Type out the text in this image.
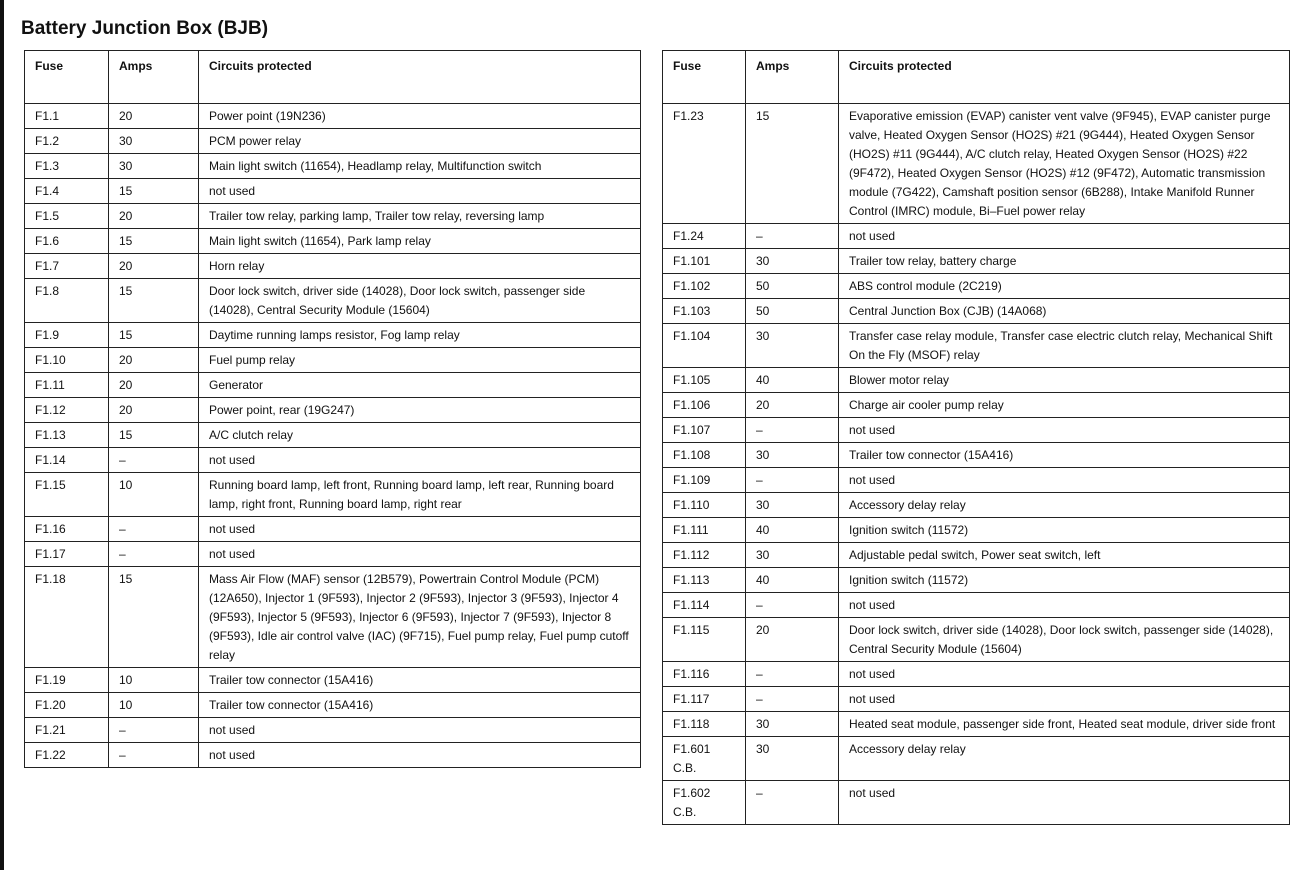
Battery Junction Box (BJB)
Fuse	Amps	Circuits protected
F1.1	20	Power point (19N236)
F1.2	30	PCM power relay
F1.3	30	Main light switch (11654), Headlamp relay, Multifunction switch
F1.4	15	not used
F1.5	20	Trailer tow relay, parking lamp, Trailer tow relay, reversing lamp
F1.6	15	Main light switch (11654), Park lamp relay
F1.7	20	Horn relay
F1.8	15	Door lock switch, driver side (14028), Door lock switch, passenger side (14028), Central Security Module (15604)
F1.9	15	Daytime running lamps resistor, Fog lamp relay
F1.10	20	Fuel pump relay
F1.11	20	Generator
F1.12	20	Power point, rear (19G247)
F1.13	15	A/C clutch relay
F1.14	–	not used
F1.15	10	Running board lamp, left front, Running board lamp, left rear, Running board lamp, right front, Running board lamp, right rear
F1.16	–	not used
F1.17	–	not used
F1.18	15	Mass Air Flow (MAF) sensor (12B579), Powertrain Control Module (PCM) (12A650), Injector 1 (9F593), Injector 2 (9F593), Injector 3 (9F593), Injector 4 (9F593), Injector 5 (9F593), Injector 6 (9F593), Injector 7 (9F593), Injector 8 (9F593), Idle air control valve (IAC) (9F715), Fuel pump relay, Fuel pump cutoff relay
F1.19	10	Trailer tow connector (15A416)
F1.20	10	Trailer tow connector (15A416)
F1.21	–	not used
F1.22	–	not used
Fuse	Amps	Circuits protected
F1.23	15	Evaporative emission (EVAP) canister vent valve (9F945), EVAP canister purge valve, Heated Oxygen Sensor (HO2S) #21 (9G444), Heated Oxygen Sensor (HO2S) #11 (9G444), A/C clutch relay, Heated Oxygen Sensor (HO2S) #22 (9F472), Heated Oxygen Sensor (HO2S) #12 (9F472), Automatic transmission module (7G422), Camshaft position sensor (6B288), Intake Manifold Runner Control (IMRC) module, Bi–Fuel power relay
F1.24	–	not used
F1.101	30	Trailer tow relay, battery charge
F1.102	50	ABS control module (2C219)
F1.103	50	Central Junction Box (CJB) (14A068)
F1.104	30	Transfer case relay module, Transfer case electric clutch relay, Mechanical Shift On the Fly (MSOF) relay
F1.105	40	Blower motor relay
F1.106	20	Charge air cooler pump relay
F1.107	–	not used
F1.108	30	Trailer tow connector (15A416)
F1.109	–	not used
F1.110	30	Accessory delay relay
F1.111	40	Ignition switch (11572)
F1.112	30	Adjustable pedal switch, Power seat switch, left
F1.113	40	Ignition switch (11572)
F1.114	–	not used
F1.115	20	Door lock switch, driver side (14028), Door lock switch, passenger side (14028), Central Security Module (15604)
F1.116	–	not used
F1.117	–	not used
F1.118	30	Heated seat module, passenger side front, Heated seat module, driver side front
F1.601 C.B.	30	Accessory delay relay
F1.602 C.B.	–	not used
